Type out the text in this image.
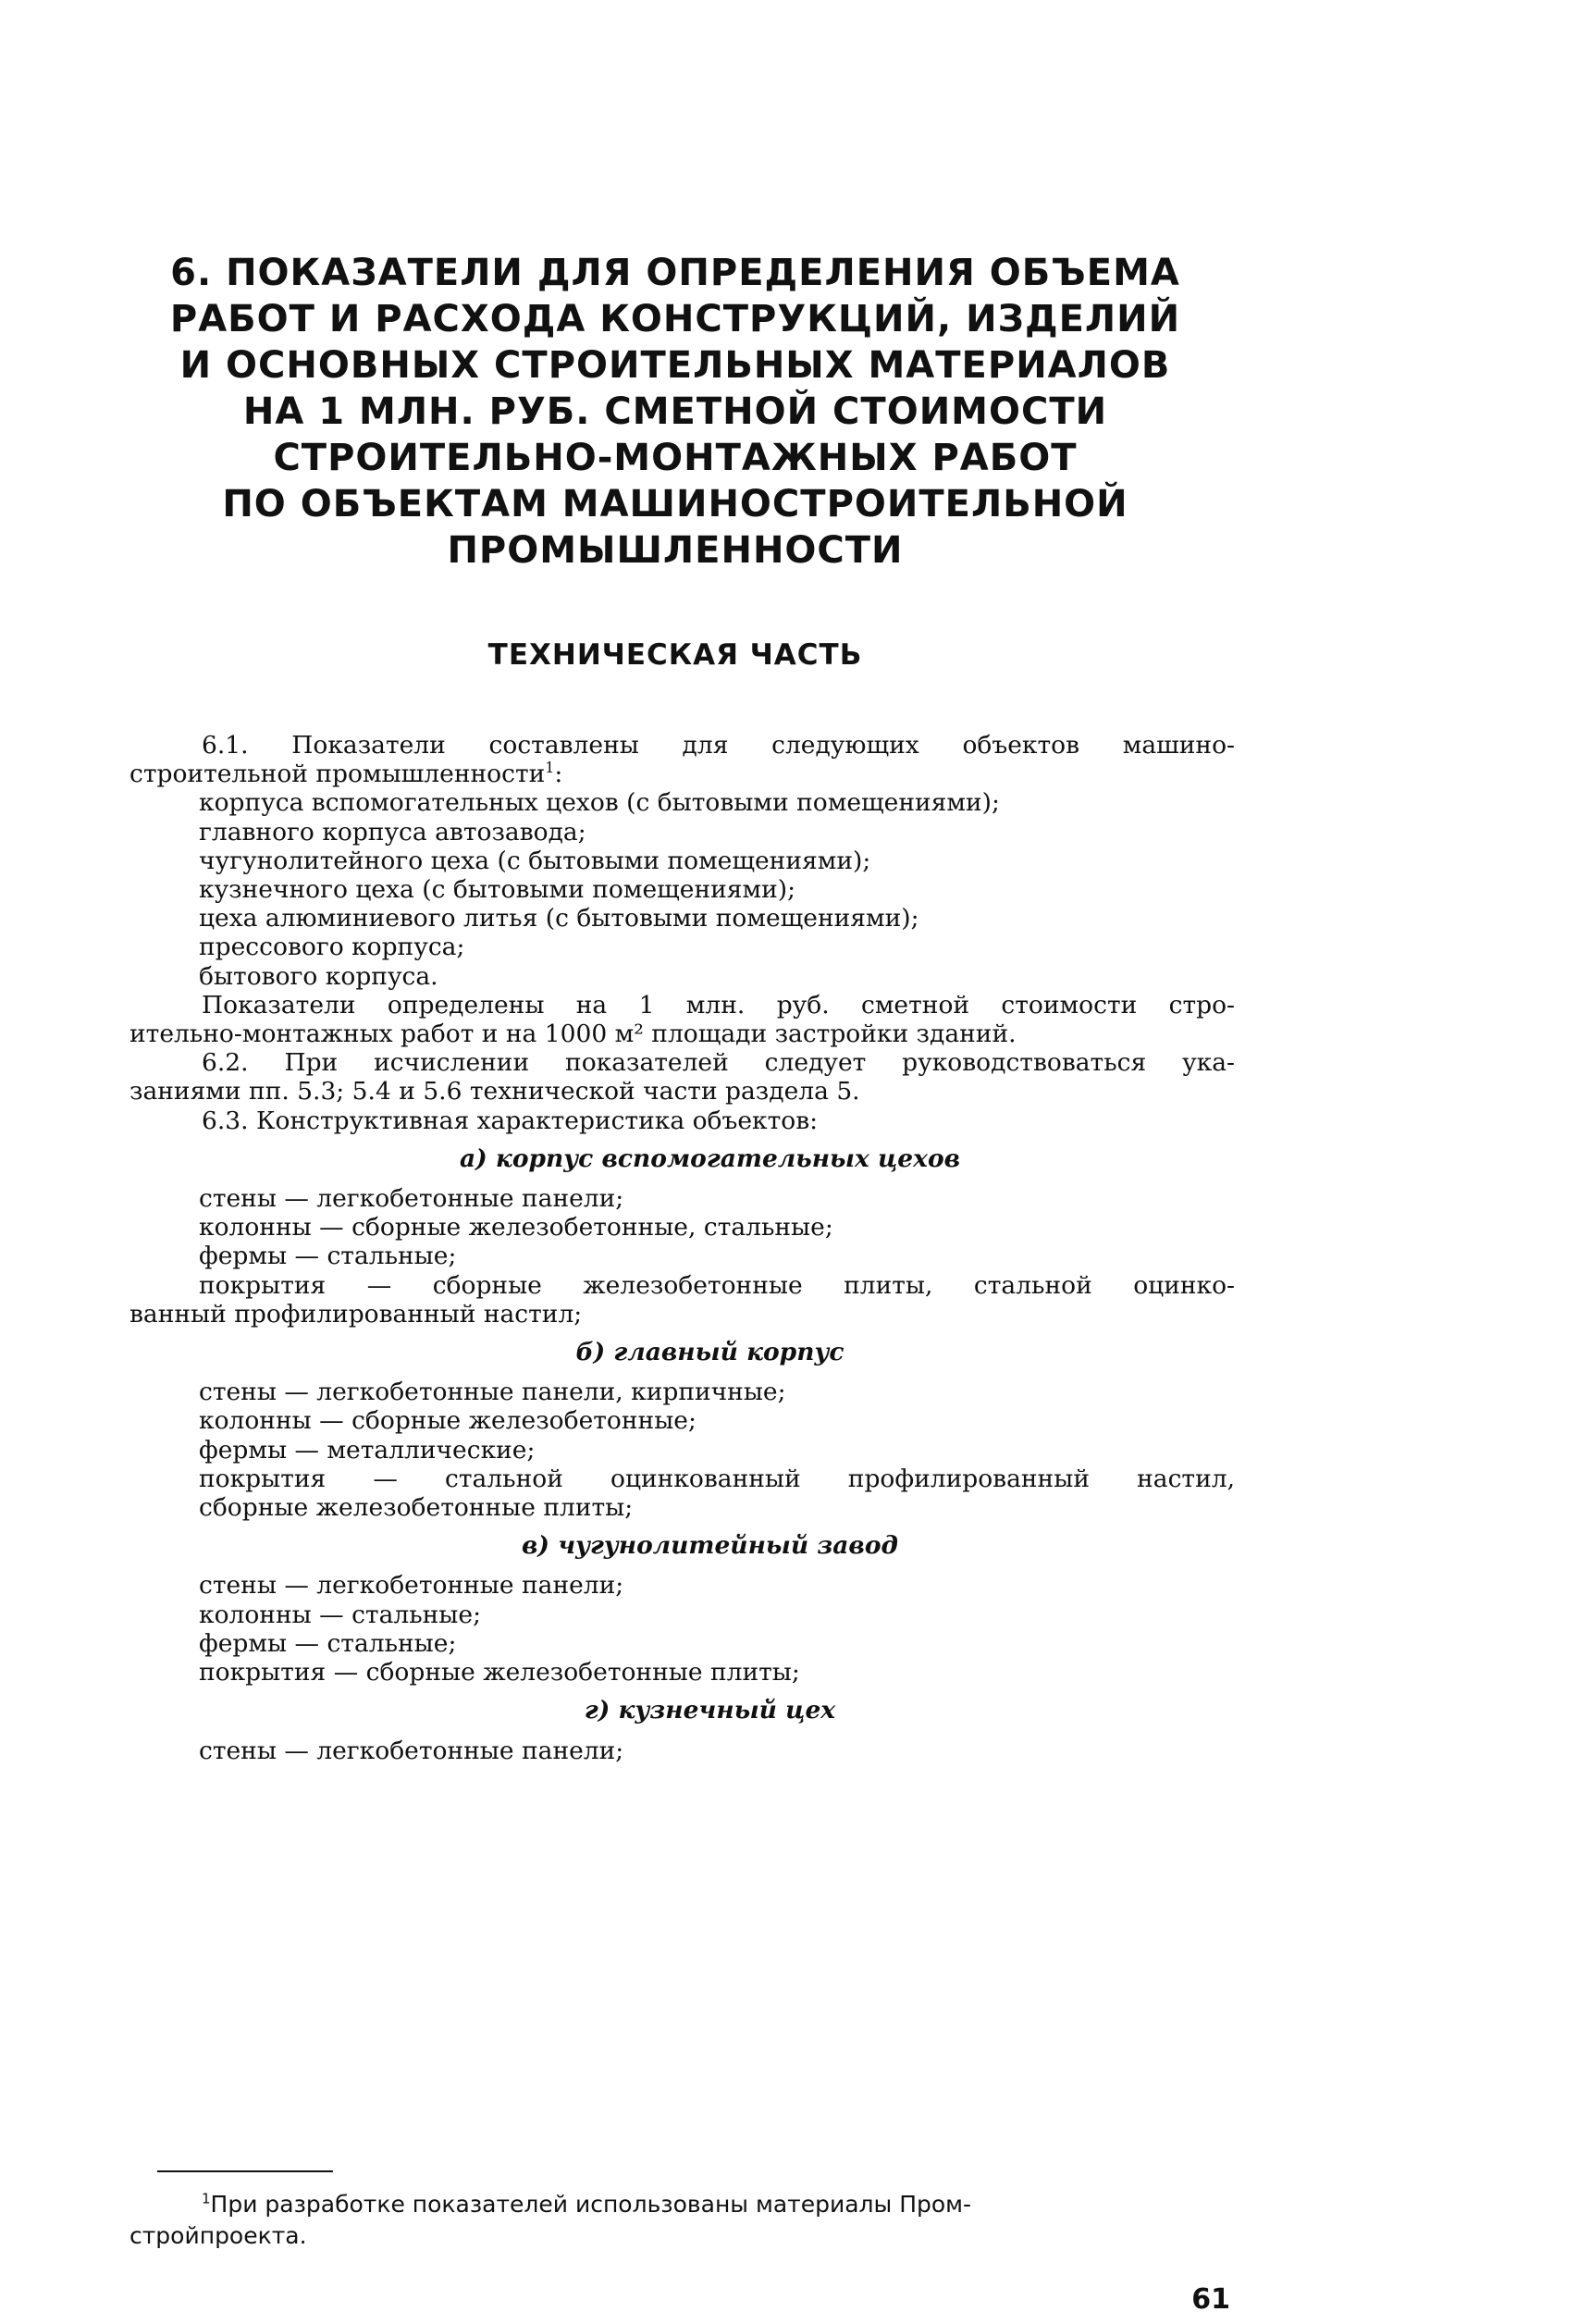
6. ПОКАЗАТЕЛИ ДЛЯ ОПРЕДЕЛЕНИЯ ОБЪЕМА
РАБОТ И РАСХОДА КОНСТРУКЦИЙ, ИЗДЕЛИЙ
И ОСНОВНЫХ СТРОИТЕЛЬНЫХ МАТЕРИАЛОВ
НА 1 МЛН. РУБ. СМЕТНОЙ СТОИМОСТИ
СТРОИТЕЛЬНО-МОНТАЖНЫХ РАБОТ
ПО ОБЪЕКТАМ МАШИНОСТРОИТЕЛЬНОЙ
ПРОМЫШЛЕННОСТИ
ТЕХНИЧЕСКАЯ ЧАСТЬ

6.1. Показатели составлены для следующих объектов машино-

строительной промышленности$^1$:

корпуса вспомогательных цехов (с бытовыми помещениями);

главного корпуса автозавода;

чугунолитейного цеха (с бытовыми помещениями);

кузнечного цеха (с бытовыми помещениями);

цеха алюминиевого литья (с бытовыми помещениями);

прессового корпуса;

бытового корпуса.

Показатели определены на 1 млн. руб. сметной стоимости стро-

ительно-монтажных работ и на 1000 м² площади застройки зданий.

6.2. При исчислении показателей следует руководствоваться ука-

заниями пп. 5.3; 5.4 и 5.6 технической части раздела 5.

6.3. Конструктивная характеристика объектов:

а) корпус вспомогательных цехов

стены — легкобетонные панели;

колонны — сборные железобетонные, стальные;

фермы — стальные;

покрытия — сборные железобетонные плиты, стальной оцинко-

ванный профилированный настил;

б) главный корпус

стены — легкобетонные панели, кирпичные;

колонны — сборные железобетонные;

фермы — металлические;

покрытия — стальной оцинкованный профилированный настил,

сборные железобетонные плиты;

в) чугунолитейный завод

стены — легкобетонные панели;

колонны — стальные;

фермы — стальные;

покрытия — сборные железобетонные плиты;

г) кузнечный цех

стены — легкобетонные панели;

$^1$При разработке показателей использованы материалы Пром-

стройпроекта.

61
